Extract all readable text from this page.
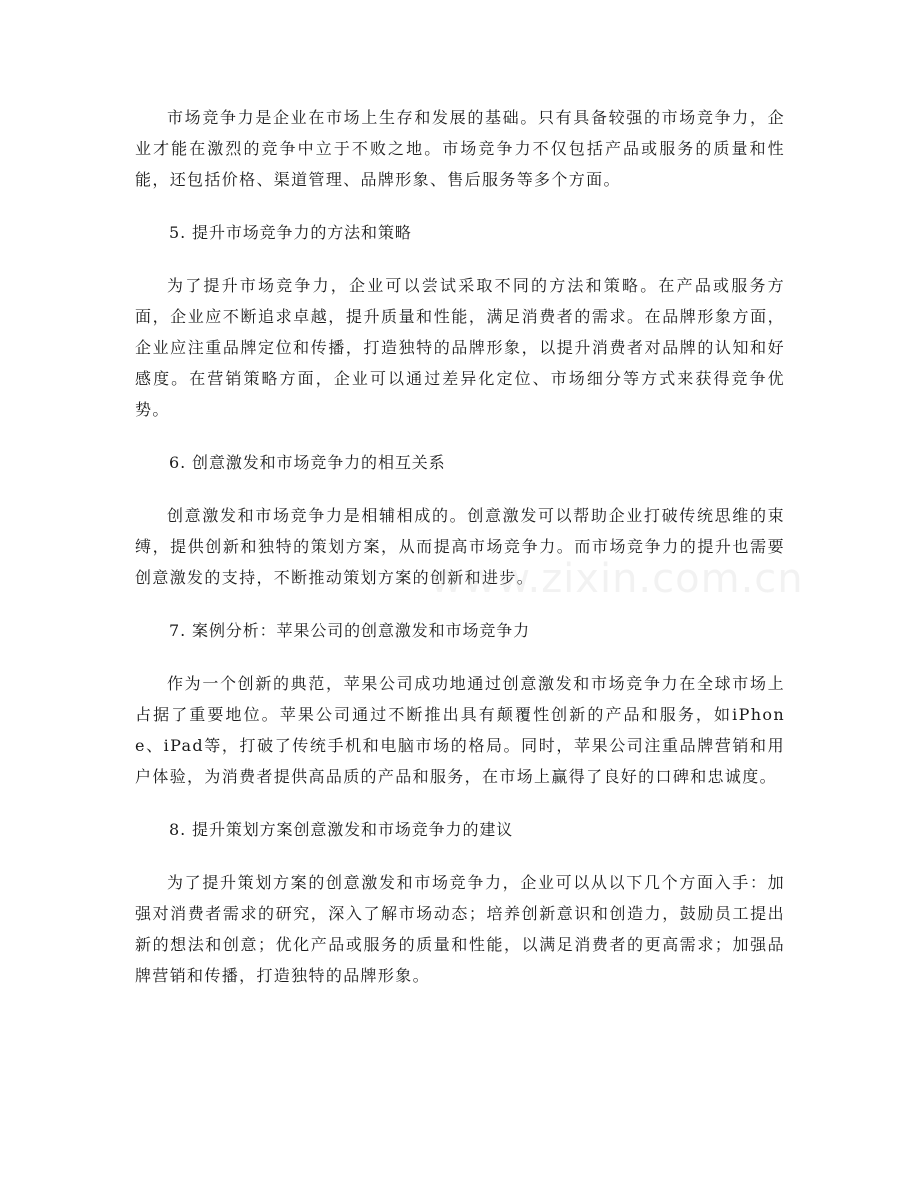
市场竞争力是企业在市场上生存和发展的基础。只有具备较强的市场竞争力，企业才能在激烈的竞争中立于不败之地。市场竞争力不仅包括产品或服务的质量和性能，还包括价格、渠道管理、品牌形象、售后服务等多个方面。

5. 提升市场竞争力的方法和策略

为了提升市场竞争力，企业可以尝试采取不同的方法和策略。在产品或服务方面，企业应不断追求卓越，提升质量和性能，满足消费者的需求。在品牌形象方面，企业应注重品牌定位和传播，打造独特的品牌形象，以提升消费者对品牌的认知和好感度。在营销策略方面，企业可以通过差异化定位、市场细分等方式来获得竞争优势。

6. 创意激发和市场竞争力的相互关系

创意激发和市场竞争力是相辅相成的。创意激发可以帮助企业打破传统思维的束缚，提供创新和独特的策划方案，从而提高市场竞争力。而市场竞争力的提升也需要创意激发的支持，不断推动策划方案的创新和进步。

7. 案例分析：苹果公司的创意激发和市场竞争力

作为一个创新的典范，苹果公司成功地通过创意激发和市场竞争力在全球市场上占据了重要地位。苹果公司通过不断推出具有颠覆性创新的产品和服务，如iPhone、iPad等，打破了传统手机和电脑市场的格局。同时，苹果公司注重品牌营销和用户体验，为消费者提供高品质的产品和服务，在市场上赢得了良好的口碑和忠诚度。

8. 提升策划方案创意激发和市场竞争力的建议

为了提升策划方案的创意激发和市场竞争力，企业可以从以下几个方面入手：加强对消费者需求的研究，深入了解市场动态；培养创新意识和创造力，鼓励员工提出新的想法和创意；优化产品或服务的质量和性能，以满足消费者的更高需求；加强品牌营销和传播，打造独特的品牌形象。

www.zixin.com.cn
